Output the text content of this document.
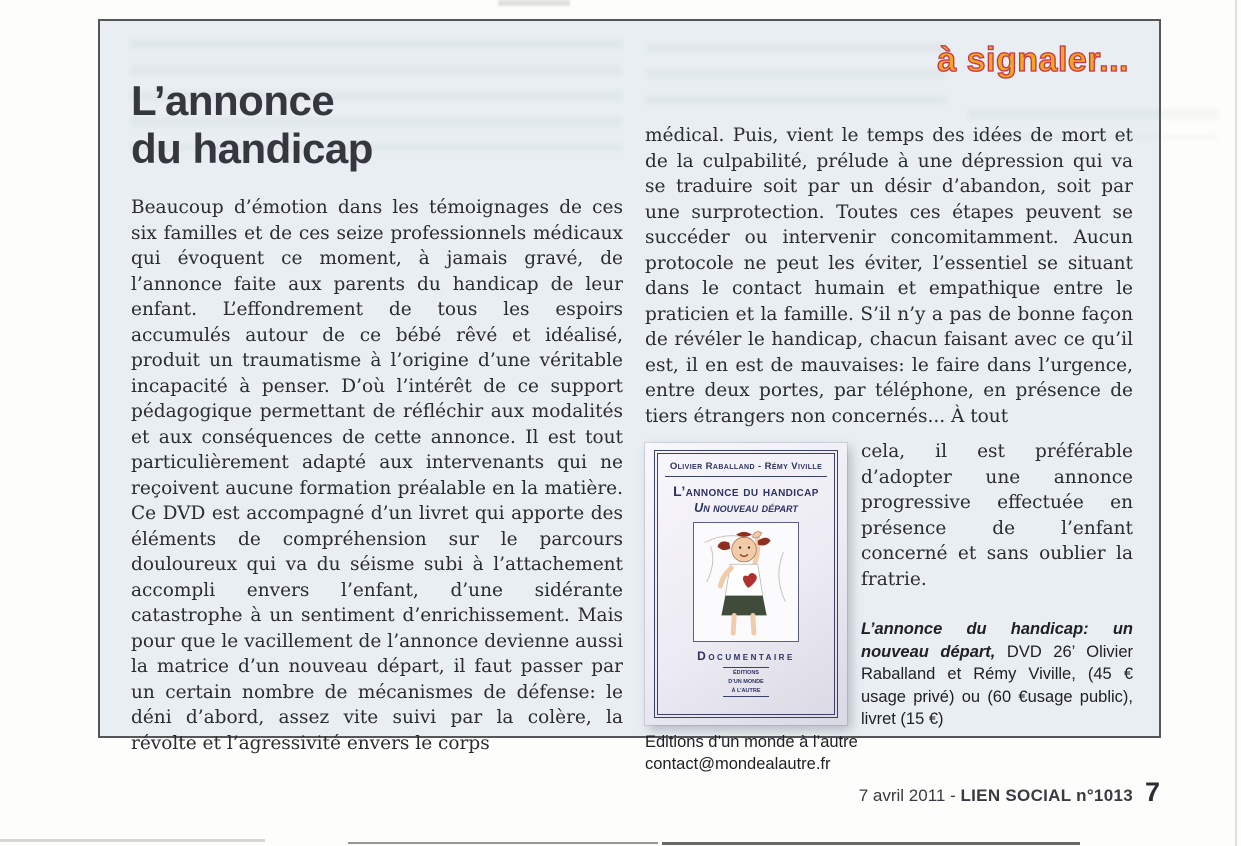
à signaler...
L’annonce
du handicap

Beaucoup d’émotion dans les témoignages de ces six familles et de ces seize professionnels médicaux qui évoquent ce moment, à jamais gravé, de l’annonce faite aux parents du handicap de leur enfant. L’effondrement de tous les espoirs accumulés autour de ce bébé rêvé et idéalisé, produit un traumatisme à l’origine d’une véritable incapacité à penser. D’où l’intérêt de ce support pédagogique permettant de réfléchir aux modalités et aux conséquences de cette annonce. Il est tout particulièrement adapté aux intervenants qui ne reçoivent aucune formation préalable en la matière. Ce DVD est accompagné d’un livret qui apporte des éléments de compréhension sur le parcours douloureux qui va du séisme subi à l’attachement accompli envers l’enfant, d’une sidérante catastrophe à un sentiment d’enrichissement. Mais pour que le vacillement de l’annonce devienne aussi la matrice d’un nouveau départ, il faut passer par un certain nombre de mécanismes de défense: le déni d’abord, assez vite suivi par la colère, la révolte et l’agressivité envers le corps

médical. Puis, vient le temps des idées de mort et de la culpabilité, prélude à une dépression qui va se traduire soit par un désir d’abandon, soit par une surprotection. Toutes ces étapes peuvent se succéder ou intervenir concomitamment. Aucun protocole ne peut les éviter, l’essentiel se situant dans le contact humain et empathique entre le praticien et la famille. S’il n’y a pas de bonne façon de révéler le handicap, chacun faisant avec ce qu’il est, il en est de mauvaises: le faire dans l’urgence, entre deux portes, par téléphone, en présence de tiers étrangers non concernés... À tout

Olivier Raballand - Rémy Viville
L’annonce du handicap
Un nouveau départ
Documentaire
ÉDITIONS
D’UN MONDE
À L’AUTRE

cela, il est préférable d’adopter une annonce progressive effectuée en présence de l’enfant concerné et sans oublier la fratrie.

L’annonce du handicap: un nouveau départ, DVD 26’ Olivier Raballand et Rémy Viville, (45 € usage privé) ou (60 €usage public), livret (15 €)
Editions d’un monde à l’autre
contact@mondealautre.fr
7 avril 2011 - LIEN SOCIAL n°1013 7
